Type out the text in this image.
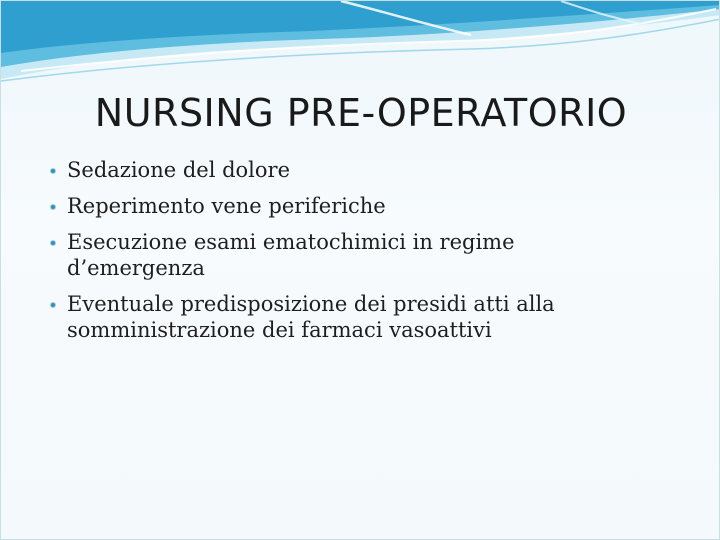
NURSING PRE-OPERATORIO
Sedazione del dolore
Reperimento vene periferiche
Esecuzione esami ematochimici in regime d’emergenza
Eventuale predisposizione dei presidi atti alla somministrazione dei farmaci vasoattivi
